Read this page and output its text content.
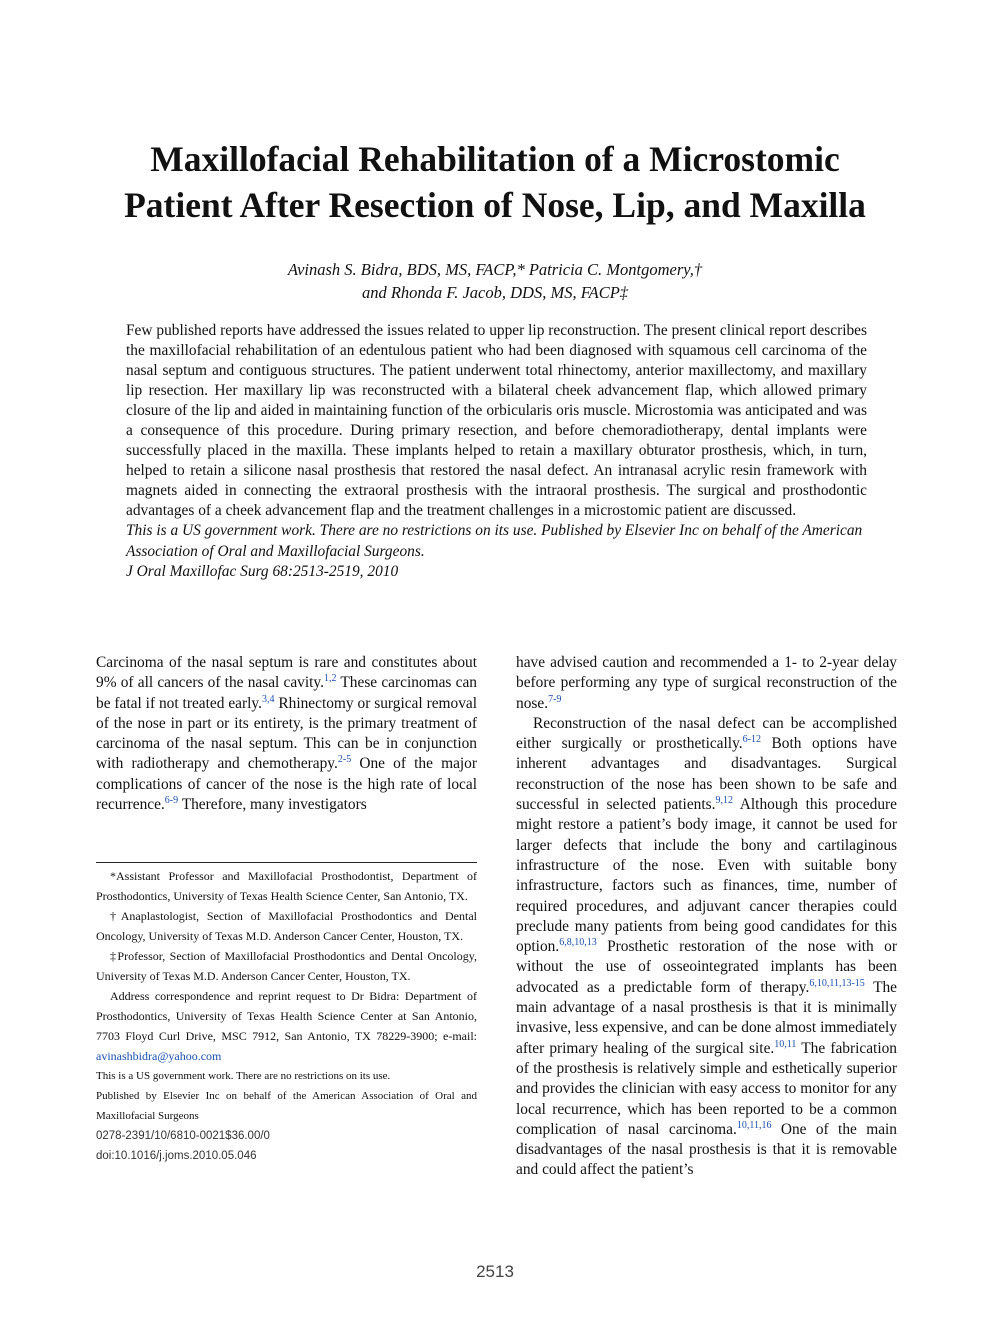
Maxillofacial Rehabilitation of a Microstomic Patient After Resection of Nose, Lip, and Maxilla
Avinash S. Bidra, BDS, MS, FACP,* Patricia C. Montgomery,†
and Rhonda F. Jacob, DDS, MS, FACP‡

Few published reports have addressed the issues related to upper lip reconstruction. The present clinical report describes the maxillofacial rehabilitation of an edentulous patient who had been diagnosed with squamous cell carcinoma of the nasal septum and contiguous structures. The patient underwent total rhinectomy, anterior maxillectomy, and maxillary lip resection. Her maxillary lip was reconstructed with a bilateral cheek advancement flap, which allowed primary closure of the lip and aided in maintaining function of the orbicularis oris muscle. Microstomia was anticipated and was a consequence of this procedure. During primary resection, and before chemoradiotherapy, dental implants were successfully placed in the maxilla. These implants helped to retain a maxillary obturator prosthesis, which, in turn, helped to retain a silicone nasal prosthesis that restored the nasal defect. An intranasal acrylic resin framework with magnets aided in connecting the extraoral prosthesis with the intraoral prosthesis. The surgical and prosthodontic advantages of a cheek advancement flap and the treatment challenges in a microstomic patient are discussed.

This is a US government work. There are no restrictions on its use. Published by Elsevier Inc on behalf of the American Association of Oral and Maxillofacial Surgeons.

J Oral Maxillofac Surg 68:2513-2519, 2010

Carcinoma of the nasal septum is rare and constitutes about 9% of all cancers of the nasal cavity.$^{1,2}$ These carcinomas can be fatal if not treated early.$^{3,4}$ Rhinectomy or surgical removal of the nose in part or its entirety, is the primary treatment of carcinoma of the nasal septum. This can be in conjunction with radiotherapy and chemotherapy.$^{2-5}$ One of the major complications of cancer of the nose is the high rate of local recurrence.$^{6-9}$ Therefore, many investigators

*Assistant Professor and Maxillofacial Prosthodontist, Department of Prosthodontics, University of Texas Health Science Center, San Antonio, TX.

†Anaplastologist, Section of Maxillofacial Prosthodontics and Dental Oncology, University of Texas M.D. Anderson Cancer Center, Houston, TX.

‡Professor, Section of Maxillofacial Prosthodontics and Dental Oncology, University of Texas M.D. Anderson Cancer Center, Houston, TX.

Address correspondence and reprint request to Dr Bidra: Department of Prosthodontics, University of Texas Health Science Center at San Antonio, 7703 Floyd Curl Drive, MSC 7912, San Antonio, TX 78229-3900; e-mail: avinashbidra@yahoo.com

This is a US government work. There are no restrictions on its use.

Published by Elsevier Inc on behalf of the American Association of Oral and Maxillofacial Surgeons

0278-2391/10/6810-0021$36.00/0

doi:10.1016/j.joms.2010.05.046

have advised caution and recommended a 1- to 2-year delay before performing any type of surgical reconstruction of the nose.$^{7-9}$

Reconstruction of the nasal defect can be accomplished either surgically or prosthetically.$^{6-12}$ Both options have inherent advantages and disadvantages. Surgical reconstruction of the nose has been shown to be safe and successful in selected patients.$^{9,12}$ Although this procedure might restore a patient’s body image, it cannot be used for larger defects that include the bony and cartilaginous infrastructure of the nose. Even with suitable bony infrastructure, factors such as finances, time, number of required procedures, and adjuvant cancer therapies could preclude many patients from being good candidates for this option.$^{6,8,10,13}$ Prosthetic restoration of the nose with or without the use of osseointegrated implants has been advocated as a predictable form of therapy.$^{6,10,11,13-15}$ The main advantage of a nasal prosthesis is that it is minimally invasive, less expensive, and can be done almost immediately after primary healing of the surgical site.$^{10,11}$ The fabrication of the prosthesis is relatively simple and esthetically superior and provides the clinician with easy access to monitor for any local recurrence, which has been reported to be a common complication of nasal carcinoma.$^{10,11,16}$ One of the main disadvantages of the nasal prosthesis is that it is removable and could affect the patient’s

2513
